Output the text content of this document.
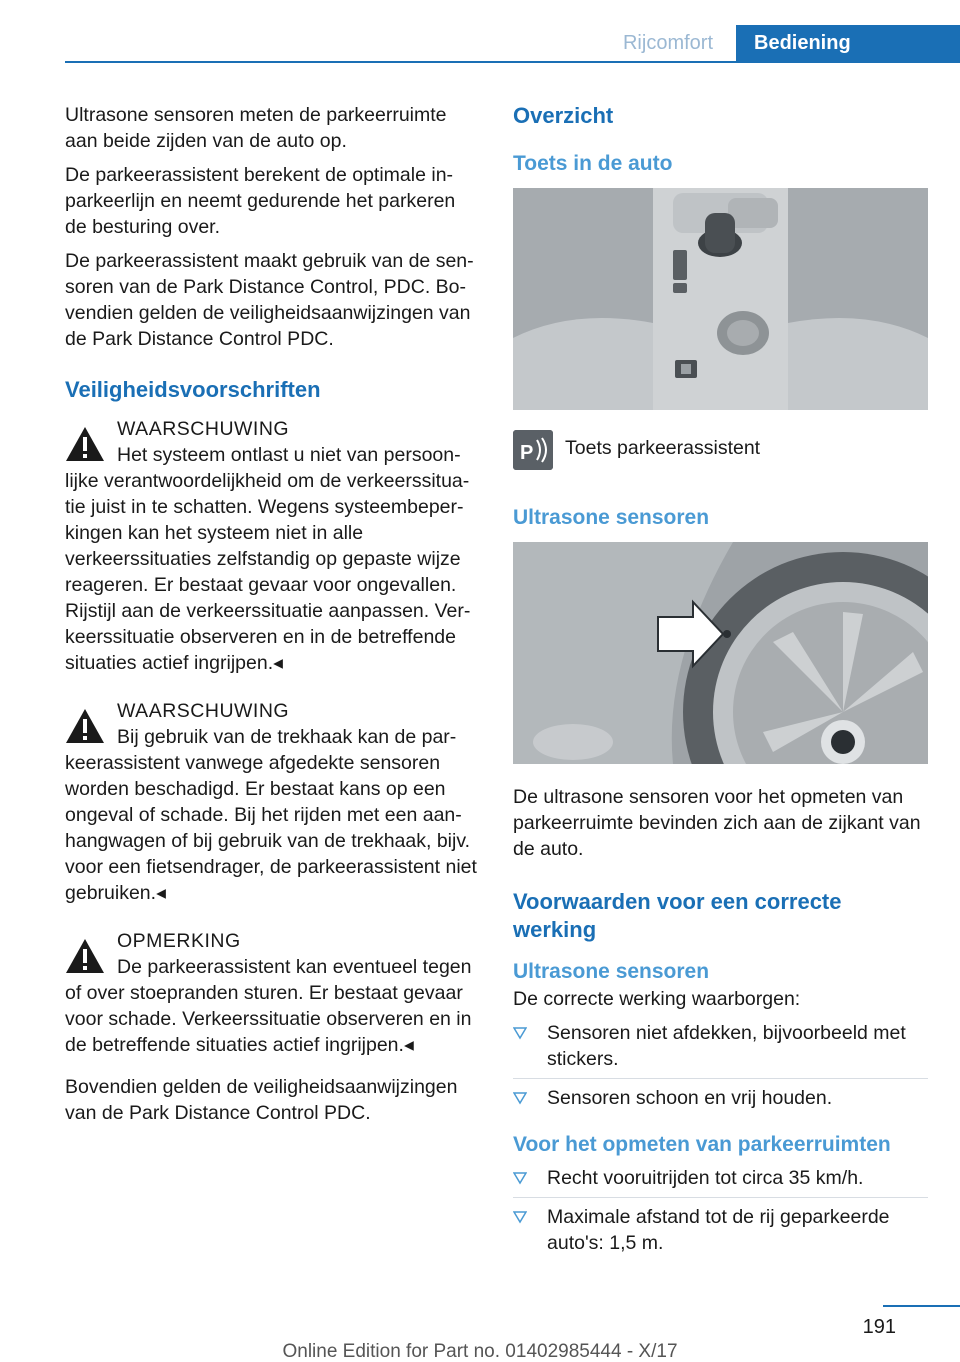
Rijcomfort	Bediening

Ultrasone sensoren meten de parkeerruimte aan beide zijden van de auto op.

De parkeerassistent berekent de optimale in-parkeerlijn en neemt gedurende het parkeren de besturing over.

De parkeerassistent maakt gebruik van de sen-soren van de Park Distance Control, PDC. Bo-vendien gelden de veiligheidsaanwijzingen van de Park Distance Control PDC.

Veiligheidsvoorschriften
WAARSCHUWING
Het systeem ontlast u niet van persoon-
lijke verantwoordelijkheid om de verkeerssitua-tie juist in te schatten. Wegens systeembeper-kingen kan het systeem niet in alle verkeerssituaties zelfstandig op gepaste wijze reageren. Er bestaat gevaar voor ongevallen. Rijstijl aan de verkeerssituatie aanpassen. Ver-keerssituatie observeren en in de betreffende situaties actief ingrijpen.◂
WAARSCHUWING
Bij gebruik van de trekhaak kan de par-
keerassistent vanwege afgedekte sensoren worden beschadigd. Er bestaat kans op een ongeval of schade. Bij het rijden met een aan-hangwagen of bij gebruik van de trekhaak, bijv. voor een fietsendrager, de parkeerassistent niet gebruiken.◂
OPMERKING
De parkeerassistent kan eventueel tegen
of over stoepranden sturen. Er bestaat gevaar voor schade. Verkeerssituatie observeren en in de betreffende situaties actief ingrijpen.◂

Bovendien gelden de veiligheidsaanwijzingen van de Park Distance Control PDC.

Overzicht
Toets in de auto
P Toets parkeerassistent
Ultrasone sensoren

De ultrasone sensoren voor het opmeten van parkeerruimte bevinden zich aan de zijkant van de auto.

Voorwaarden voor een correcte werking
Ultrasone sensoren

De correcte werking waarborgen:

Sensoren niet afdekken, bijvoorbeeld met stickers.
Sensoren schoon en vrij houden.
Voor het opmeten van parkeerruimten
Recht vooruitrijden tot circa 35 km/h.
Maximale afstand tot de rij geparkeerde auto's: 1,5 m.
191
Online Edition for Part no. 01402985444 - X/17
